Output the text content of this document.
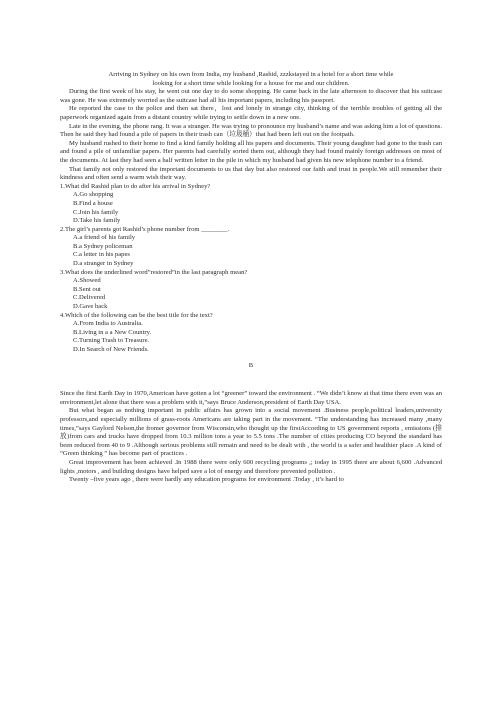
Arriving in Sydney on his own from India, my husband ,Rashid, zzzkstayed in a hotel for a short time while

looking for a short time while looking for a house for me and our children.

During the first week of his stay, he went out one day to do some shopping. He came back in the late afternoon to discover that his suitcase was gone. He was extremely worried as the suitcase had all his important papers, including his passport.

He reported the case to the police and then sat there，lost and lonely in strange city, thinking of the terrible troubles of getting all the paperwork organized again from a distant country while trying to settle down in a new one.

Late in the evening, the phone rang. It was a stranger. He was trying to pronounce my husband’s name and was asking him a lot of questions. Then he said they had found a pile of papers in their trash can（垃圾桶）that had been left out on the footpath.

My husband rushed to their home to find a kind family holding all his papers and documents. Their young daughter had gone to the trash can and found a pile of unfamiliar papers. Her parents had carefully sorted them out, although they had found mainly foreign addresses on most of the documents. At last they had seen a half written letter in the pile in which my husband had given his new telephone number to a friend.

That family not only restored the important documents to us that day but also restored our faith and trust in people.We still remember their kindness and often send a warm wish their way.

1.What did Rashid plan to do after his arrival in Sydney?

A.Go shopping

B.Find a house

C.Join his family

D.Take his family

2.The girl’s parents got Rashid’s phone number from ________.

A.a friend of his family

B.a Sydney policeman

C.a letter in his papes

D.a stranger in Sydney

3.What does the underlined word”restored”in the last paragraph mean?

A.Showed

B.Sent out

C.Delivered

D.Gave back

4.Which of the following can be the best title for the text?

A.From India to Australia.

B.Living in a a New Country.

C.Turning Trash to Treasure.

D.In Search of New Friends.

B

Since the first Earth Day in 1970,American have gotten a lot “greener” toward the environment . “We didn’t know at that time there even was an environment,let alone that there was a problem with it,”says Bruce Anderson,president of Earth Day USA.

But what began as nothing important in public affairs has grown into a social movement .Business people,political leaders,university professors,and especially millions of grass-roots Americans are taking part in the movement. “The understanding has increased many ,many times,”says Gaylord Nelson,the fromer governor from Wisconsin,who thought up the firstAccording to US government reports , emissions (排放)from cars and trucks have dropped from 10.3 million tons a year to 5.5 tons .The number of cities producing CO beyond the standard has been reduced from 40 to 9 .Although serious problems still remain and need to be dealt with , the world is a safer and healthier place .A kind of “Green thinking ” has become part of practices .

Great improvement has been achieved .In 1988 there were only 600 recycling programs ,; today in 1995 there are about 6,600 .Advanced lights ,motors , and building designs have helped save a lot of energy and therefore prevented pollution .

Twenty –five years ago , there were hardly any education programs for environment .Today , it’s hard to
